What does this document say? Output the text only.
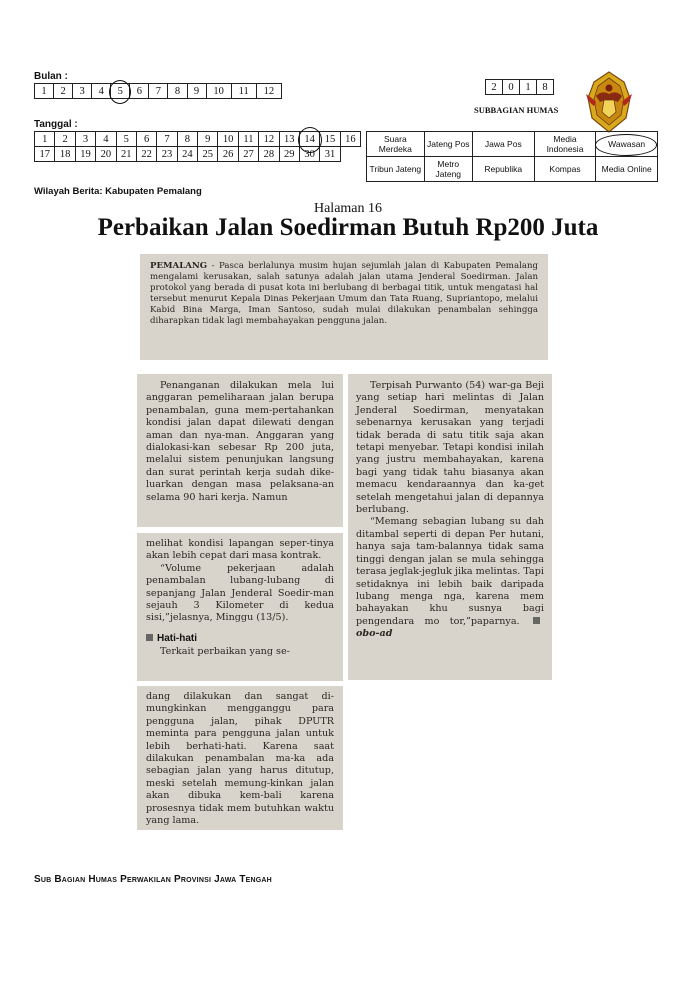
Bulan :
1	2	3	4	5	6	7	8	9	10	11	12
Tanggal :
1	2	3	4	5	6	7	8	9	10	11	12	13	14	15	16
17	18	19	20	21	22	23	24	25	26	27	28	29	30	31	
2	0	1	8
SUBBAGIAN HUMAS
Suara Merdeka	Jateng Pos	Jawa Pos	Media Indonesia	Wawasan

Tribun Jateng	Metro Jateng	Republika	Kompas	Media Online
Wilayah Berita: Kabupaten Pemalang
Halaman 16
Perbaikan Jalan Soedirman Butuh Rp200 Juta

PEMALANG - Pasca berlalunya musim hujan sejumlah jalan di Kabupaten Pemalang mengalami kerusakan, salah satunya adalah jalan utama Jenderal Soedirman. Jalan protokol yang berada di pusat kota ini berlubang di berbagai titik, untuk mengatasi hal tersebut menurut Kepala Dinas Pekerjaan Umum dan Tata Ruang, Supriantopo, melalui Kabid Bina Marga, Iman Santoso, sudah mulai dilakukan penambalan sehingga diharapkan tidak lagi membahayakan pengguna jalan.

Penanganan dilakukan mela lui anggaran pemeliharaan jalan berupa penambalan, guna mem-pertahankan kondisi jalan dapat dilewati dengan aman dan nya-man. Anggaran yang dialokasi-kan sebesar Rp 200 juta, melalui sistem penunjukan langsung dan surat perintah kerja sudah dike-luarkan dengan masa pelaksana-an selama 90 hari kerja. Namun

melihat kondisi lapangan seper-tinya akan lebih cepat dari masa kontrak.

“Volume pekerjaan adalah penambalan lubang-lubang di sepanjang Jalan Jenderal Soedir-man sejauh 3 Kilometer di kedua sisi,”jelasnya, Minggu (13/5).

Hati-hati

Terkait perbaikan yang se-

dang dilakukan dan sangat di-mungkinkan mengganggu para pengguna jalan, pihak DPUTR meminta para pengguna jalan untuk lebih berhati-hati. Karena saat dilakukan penambalan ma-ka ada sebagian jalan yang harus ditutup, meski setelah memung-kinkan jalan akan dibuka kem-bali karena prosesnya tidak mem butuhkan waktu yang lama.

Terpisah Purwanto (54) war-ga Beji yang setiap hari melintas di Jalan Jenderal Soedirman, menyatakan sebenarnya kerusakan yang terjadi tidak berada di satu titik saja akan tetapi menyebar. Tetapi kondisi inilah yang justru membahayakan, karena bagi yang tidak tahu biasanya akan memacu kendaraannya dan ka-get setelah mengetahui jalan di depannya berlubang.

“Memang sebagian lubang su dah ditambal seperti di depan Per hutani, hanya saja tam-balannya tidak sama tinggi dengan jalan se mula sehingga terasa jeglak-jegluk jika melintas. Tapi setidaknya ini lebih baik daripada lubang menga nga, karena mem bahayakan khu susnya bagi pengendara mo tor,”paparnya. obo-ad

Sub Bagian Humas Perwakilan Provinsi Jawa Tengah
